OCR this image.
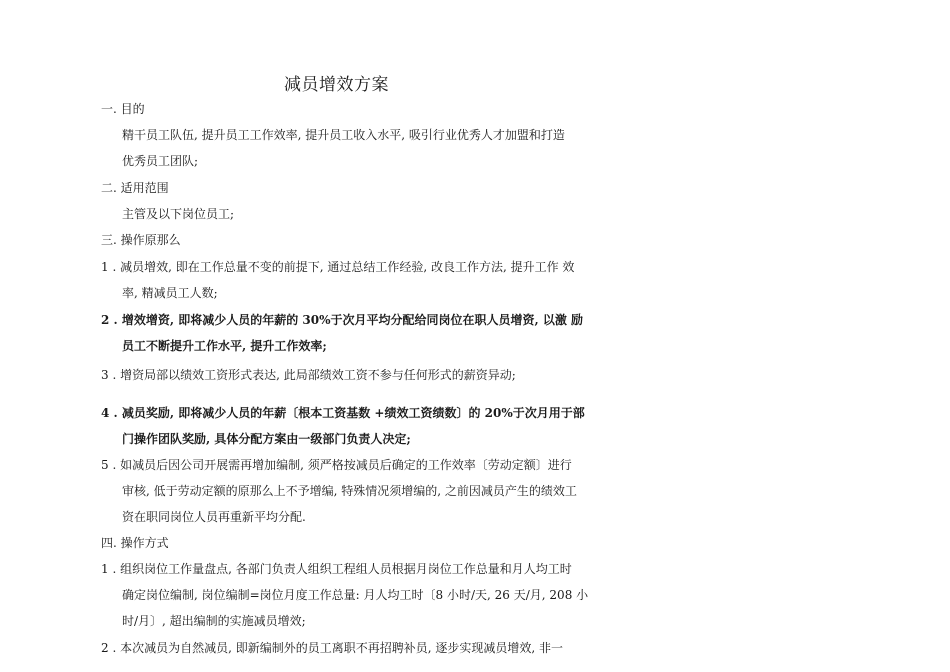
减员增效方案
一. 目的
精干员工队伍, 提升员工工作效率, 提升员工收入水平, 吸引行业优秀人才加盟和打造
优秀员工团队;
二. 适用范围
主管及以下岗位员工;
三. 操作原那么
1 . 减员增效, 即在工作总量不变的前提下, 通过总结工作经验, 改良工作方法, 提升工作 效
率, 精减员工人数;
2 . 增效增资, 即将减少人员的年薪的 30%于次月平均分配给同岗位在职人员增资, 以激 励
员工不断提升工作水平, 提升工作效率;
3 . 增资局部以绩效工资形式表达, 此局部绩效工资不参与任何形式的薪资异动;
4 . 减员奖励, 即将减少人员的年薪〔根本工资基数 +绩效工资绩数〕的 20%于次月用于部
门操作团队奖励, 具体分配方案由一级部门负责人决定;
5 . 如减员后因公司开展需再增加编制, 须严格按减员后确定的工作效率〔劳动定额〕进行
审核, 低于劳动定额的原那么上不予增编, 特殊情况须增编的, 之前因减员产生的绩效工
资在职同岗位人员再重新平均分配.
四. 操作方式
1 . 组织岗位工作量盘点, 各部门负责人组织工程组人员根据月岗位工作总量和月人均工时
确定岗位编制, 岗位编制=岗位月度工作总量: 月人均工时〔8 小时/天, 26 天/月, 208 小
时/月〕, 超出编制的实施减员增效;
2 . 本次减员为自然减员, 即新编制外的员工离职不再招聘补员, 逐步实现减员增效, 非一
